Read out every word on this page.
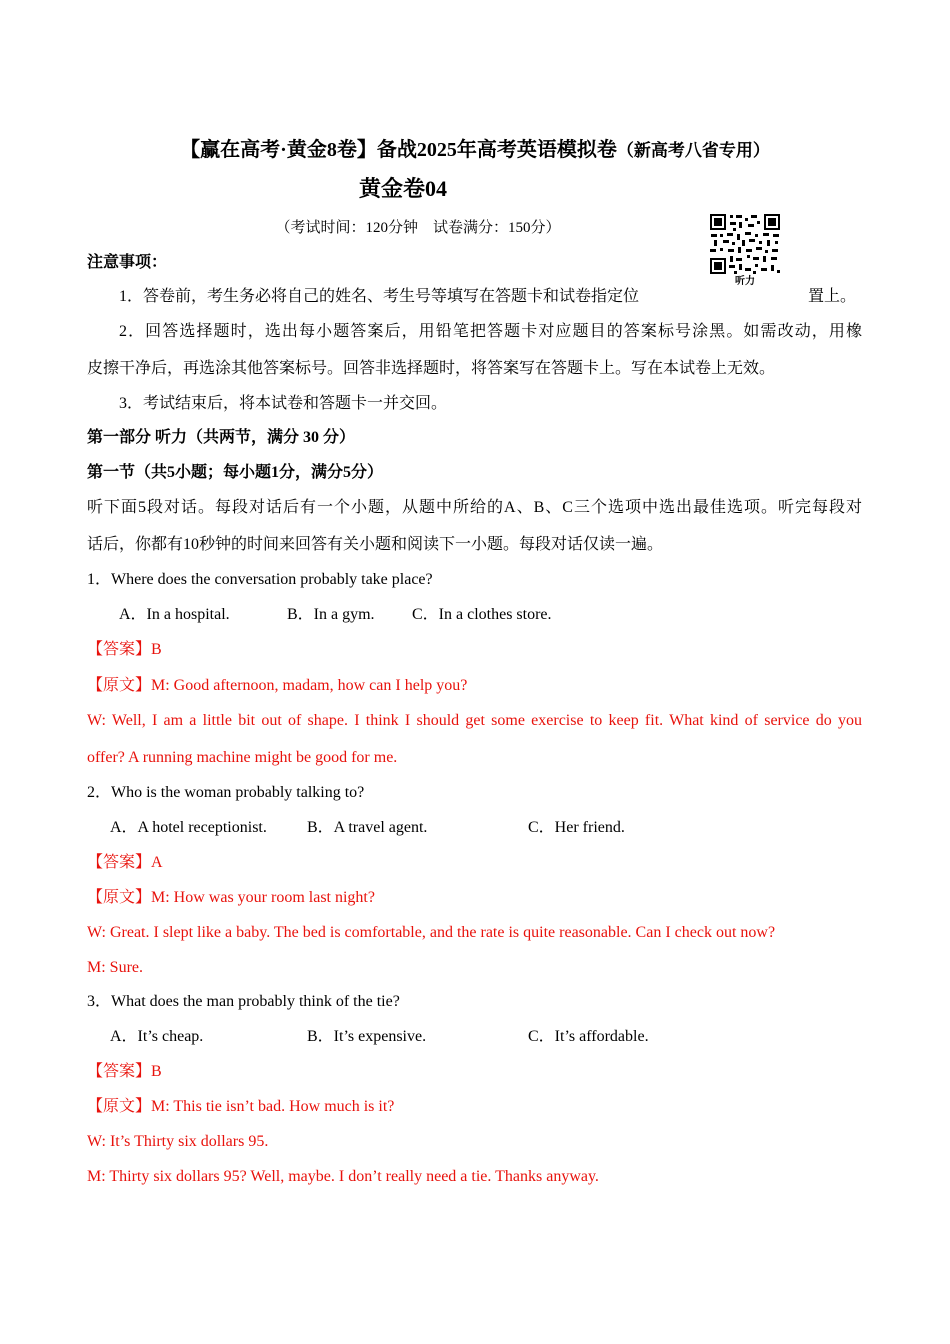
【赢在高考·黄金8卷】备战2025年高考英语模拟卷（新高考八省专用）
黄金卷04
（考试时间：120分钟　试卷满分：150分）
听力
注意事项：
1．答卷前，考生务必将自己的姓名、考生号等填写在答题卡和试卷指定位	置上。
2．回答选择题时，选出每小题答案后，用铅笔把答题卡对应题目的答案标号涂黑。如需改动，用橡
皮擦干净后，再选涂其他答案标号。回答非选择题时，将答案写在答题卡上。写在本试卷上无效。
3．考试结束后，将本试卷和答题卡一并交回。
第一部分 听力（共两节，满分 30 分）
第一节（共5小题；每小题1分，满分5分）
听下面5段对话。每段对话后有一个小题，从题中所给的A、B、C三个选项中选出最佳选项。听完每段对
话后，你都有10秒钟的时间来回答有关小题和阅读下一小题。每段对话仅读一遍。
1．Where does the conversation probably take place?
A．In a hospital.	B．In a gym. C．In a clothes store.
【答案】B
【原文】M: Good afternoon, madam, how can I help you?
W: Well, I am a little bit out of shape. I think I should get some exercise to keep fit. What kind of service do you
offer? A running machine might be good for me.
2．Who is the woman probably talking to?
A．A hotel receptionist.	B．A travel agent.	C．Her friend.
【答案】A
【原文】M: How was your room last night?
W: Great. I slept like a baby. The bed is comfortable, and the rate is quite reasonable. Can I check out now?
M: Sure.
3．What does the man probably think of the tie?
A．It’s cheap.	B．It’s expensive.	C．It’s affordable.
【答案】B
【原文】M: This tie isn’t bad. How much is it?
W: It’s Thirty six dollars 95.
M: Thirty six dollars 95? Well, maybe. I don’t really need a tie. Thanks anyway.
